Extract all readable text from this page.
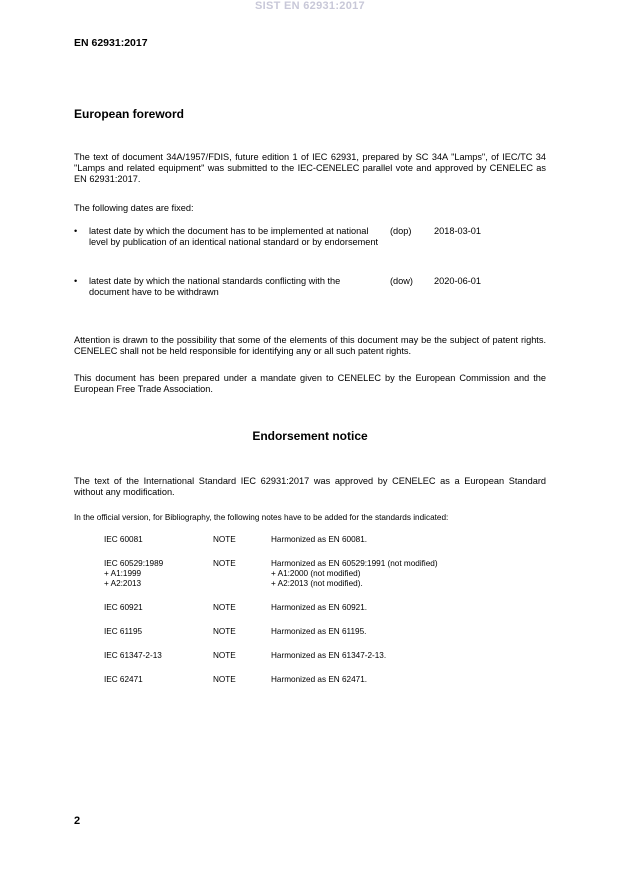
SIST EN 62931:2017
EN 62931:2017
European foreword

The text of document 34A/1957/FDIS, future edition 1 of IEC 62931, prepared by SC 34A "Lamps", of IEC/TC 34 "Lamps and related equipment" was submitted to the IEC-CENELEC parallel vote and approved by CENELEC as EN 62931:2017.

The following dates are fixed:

• latest date by which the document has to be implemented at national level by publication of an identical national standard or by endorsement
(dop) 2018-03-01
• latest date by which the national standards conflicting with the document have to be withdrawn
(dow) 2020-06-01

Attention is drawn to the possibility that some of the elements of this document may be the subject of patent rights. CENELEC shall not be held responsible for identifying any or all such patent rights.

This document has been prepared under a mandate given to CENELEC by the European Commission and the European Free Trade Association.

Endorsement notice

The text of the International Standard IEC 62931:2017 was approved by CENELEC as a European Standard without any modification.

In the official version, for Bibliography, the following notes have to be added for the standards indicated:

IEC 60081	NOTE	Harmonized as EN 60081.
IEC 60529:1989
+ A1:1999
+ A2:2013
NOTE	Harmonized as EN 60529:1991 (not modified)
+ A1:2000 (not modified)
+ A2:2013 (not modified).
IEC 60921	NOTE	Harmonized as EN 60921.
IEC 61195	NOTE	Harmonized as EN 61195.
IEC 61347-2-13	NOTE	Harmonized as EN 61347-2-13.
IEC 62471	NOTE	Harmonized as EN 62471.
2
